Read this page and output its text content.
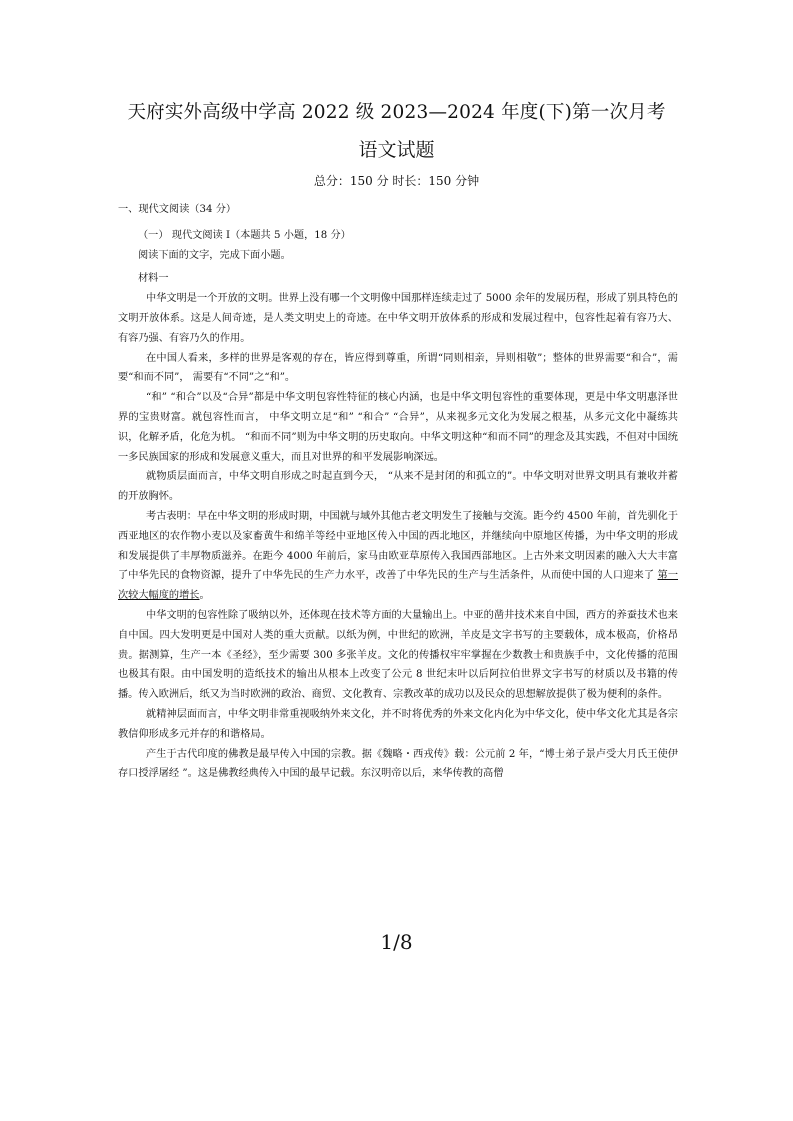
天府实外高级中学高 2022 级 2023—2024 年度(下)第一次月考
语文试题
总分：150 分 时长：150 分钟

一、现代文阅读（34 分）

（一） 现代文阅读 I（本题共 5 小题，18 分）

阅读下面的文字，完成下面小题。

材料一

中华文明是一个开放的文明。世界上没有哪一个文明像中国那样连续走过了 5000 余年的发展历程，形成了别具特色的文明开放体系。这是人间奇迹，是人类文明史上的奇迹。在中华文明开放体系的形成和发展过程中，包容性起着有容乃大、有容乃强、有容乃久的作用。

在中国人看来，多样的世界是客观的存在，皆应得到尊重，所谓“同则相亲，异则相敬”；整体的世界需要“和合”，需要“和而不同”， 需要有“不同”之“和”。

“和” “和合”以及“合异”都是中华文明包容性特征的核心内涵，也是中华文明包容性的重要体现，更是中华文明惠泽世界的宝贵财富。就包容性而言， 中华文明立足“和” “和合” “合异”，从来视多元文化为发展之根基，从多元文化中凝练共识，化解矛盾，化危为机。 “和而不同”则为中华文明的历史取向。中华文明这种“和而不同”的理念及其实践，不但对中国统一多民族国家的形成和发展意义重大，而且对世界的和平发展影响深远。

就物质层面而言，中华文明自形成之时起直到今天， “从来不是封闭的和孤立的”。中华文明对世界文明具有兼收并蓄的开放胸怀。

考古表明：早在中华文明的形成时期，中国就与域外其他古老文明发生了接触与交流。距今约 4500 年前，首先驯化于西亚地区的农作物小麦以及家畜黄牛和绵羊等经中亚地区传入中国的西北地区，并继续向中原地区传播，为中华文明的形成和发展提供了丰厚物质滋养。在距今 4000 年前后，家马由欧亚草原传入我国西部地区。上古外来文明因素的融入大大丰富了中华先民的食物资源，提升了中华先民的生产力水平，改善了中华先民的生产与生活条件，从而使中国的人口迎来了 第一次较大幅度的增长。

中华文明的包容性除了吸纳以外，还体现在技术等方面的大量输出上。中亚的凿井技术来自中国，西方的养蚕技术也来自中国。四大发明更是中国对人类的重大贡献。以纸为例，中世纪的欧洲，羊皮是文字书写的主要载体，成本极高，价格昂贵。据测算，生产一本《圣经》，至少需要 300 多张羊皮。文化的传播权牢牢掌握在少数教士和贵族手中，文化传播的范围也极其有限。由中国发明的造纸技术的输出从根本上改变了公元 8 世纪末叶以后阿拉伯世界文字书写的材质以及书籍的传播。传入欧洲后，纸又为当时欧洲的政治、商贸、文化教育、宗教改革的成功以及民众的思想解放提供了极为便利的条件。

就精神层面而言，中华文明非常重视吸纳外来文化，并不时将优秀的外来文化内化为中华文化，使中华文化尤其是各宗教信仰形成多元并存的和谐格局。

产生于古代印度的佛教是最早传入中国的宗教。据《魏略・西戎传》载：公元前 2 年，“博士弟子景卢受大月氏王使伊存口授浮屠经 ”。这是佛教经典传入中国的最早记载。东汉明帝以后，来华传教的高僧

1/8
